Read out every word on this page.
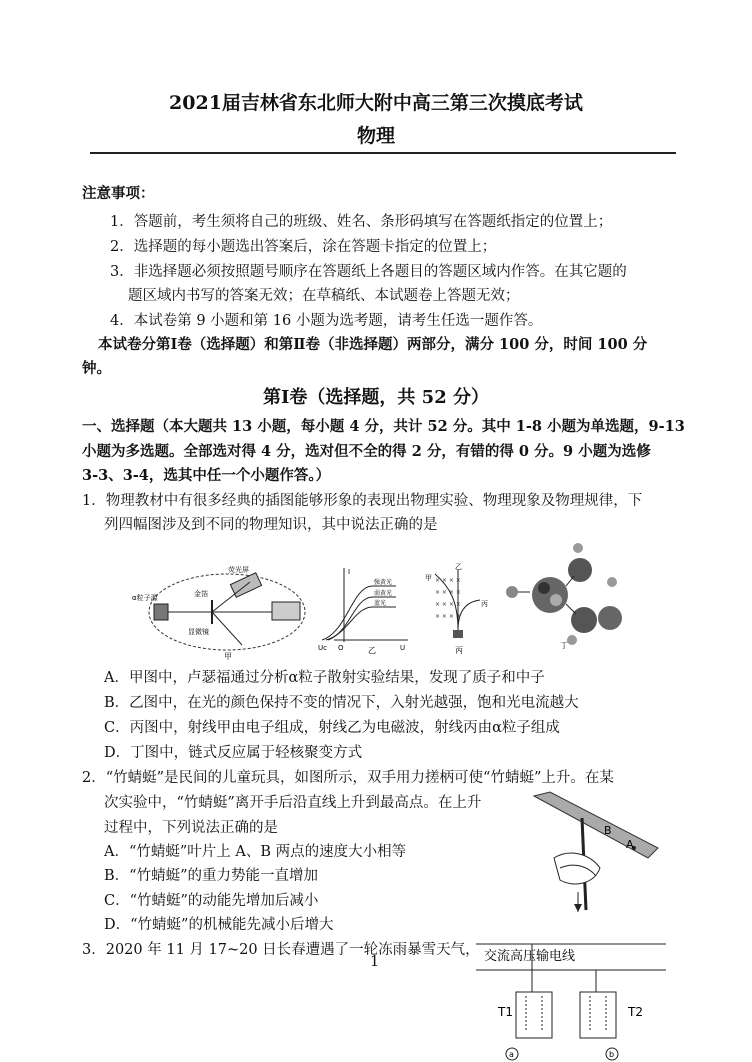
2021届吉林省东北师大附中高三第三次摸底考试
物理
注意事项：
1．答题前，考生须将自己的班级、姓名、条形码填写在答题纸指定的位置上；
2．选择题的每小题选出答案后，涂在答题卡指定的位置上；
3．非选择题必须按照题号顺序在答题纸上各题目的答题区域内作答。在其它题的
题区域内书写的答案无效；在草稿纸、本试题卷上答题无效；
4．本试卷第 9 小题和第 16 小题为选考题，请考生任选一题作答。
本试卷分第Ⅰ卷（选择题）和第Ⅱ卷（非选择题）两部分，满分 100 分，时间 100 分
钟。
第Ⅰ卷（选择题，共 52 分）
一、选择题（本大题共 13 小题，每小题 4 分，共计 52 分。其中 1-8 小题为单选题，9-13
小题为多选题。全部选对得 4 分，选对但不全的得 2 分，有错的得 0 分。9 小题为选修
3-3、3-4，选其中任一个小题作答。）
1．物理教材中有很多经典的插图能够形象的表现出物理实验、物理现象及物理规律，下
列四幅图涉及到不同的物理知识，其中说法正确的是
荧光屏
α粒子源	金箔
显微镜
甲
I
强黄光
弱黄光
蓝光
U
O
Uc	乙
× × × ×
× × × ×
× × × ×
× × × ×
甲
乙
丙
丙
丁
A．甲图中，卢瑟福通过分析α粒子散射实验结果，发现了质子和中子
B．乙图中，在光的颜色保持不变的情况下，入射光越强，饱和光电流越大
C．丙图中，射线甲由电子组成，射线乙为电磁波，射线丙由α粒子组成
D．丁图中，链式反应属于轻核聚变方式
2．“竹蜻蜓”是民间的儿童玩具，如图所示，双手用力搓柄可使“竹蜻蜓”上升。在某
次实验中，“竹蜻蜓”离开手后沿直线上升到最高点。在上升
过程中，下列说法正确的是
A．“竹蜻蜓”叶片上 A、B 两点的速度大小相等
B．“竹蜻蜓”的重力势能一直增加
C．“竹蜻蜓”的动能先增加后减小
D．“竹蜻蜓”的机械能先减小后增大
B
A
3．2020 年 11 月 17~20 日长春遭遇了一轮冻雨暴雪天气， 交流高压输电线
T1	T2
a	b
1
